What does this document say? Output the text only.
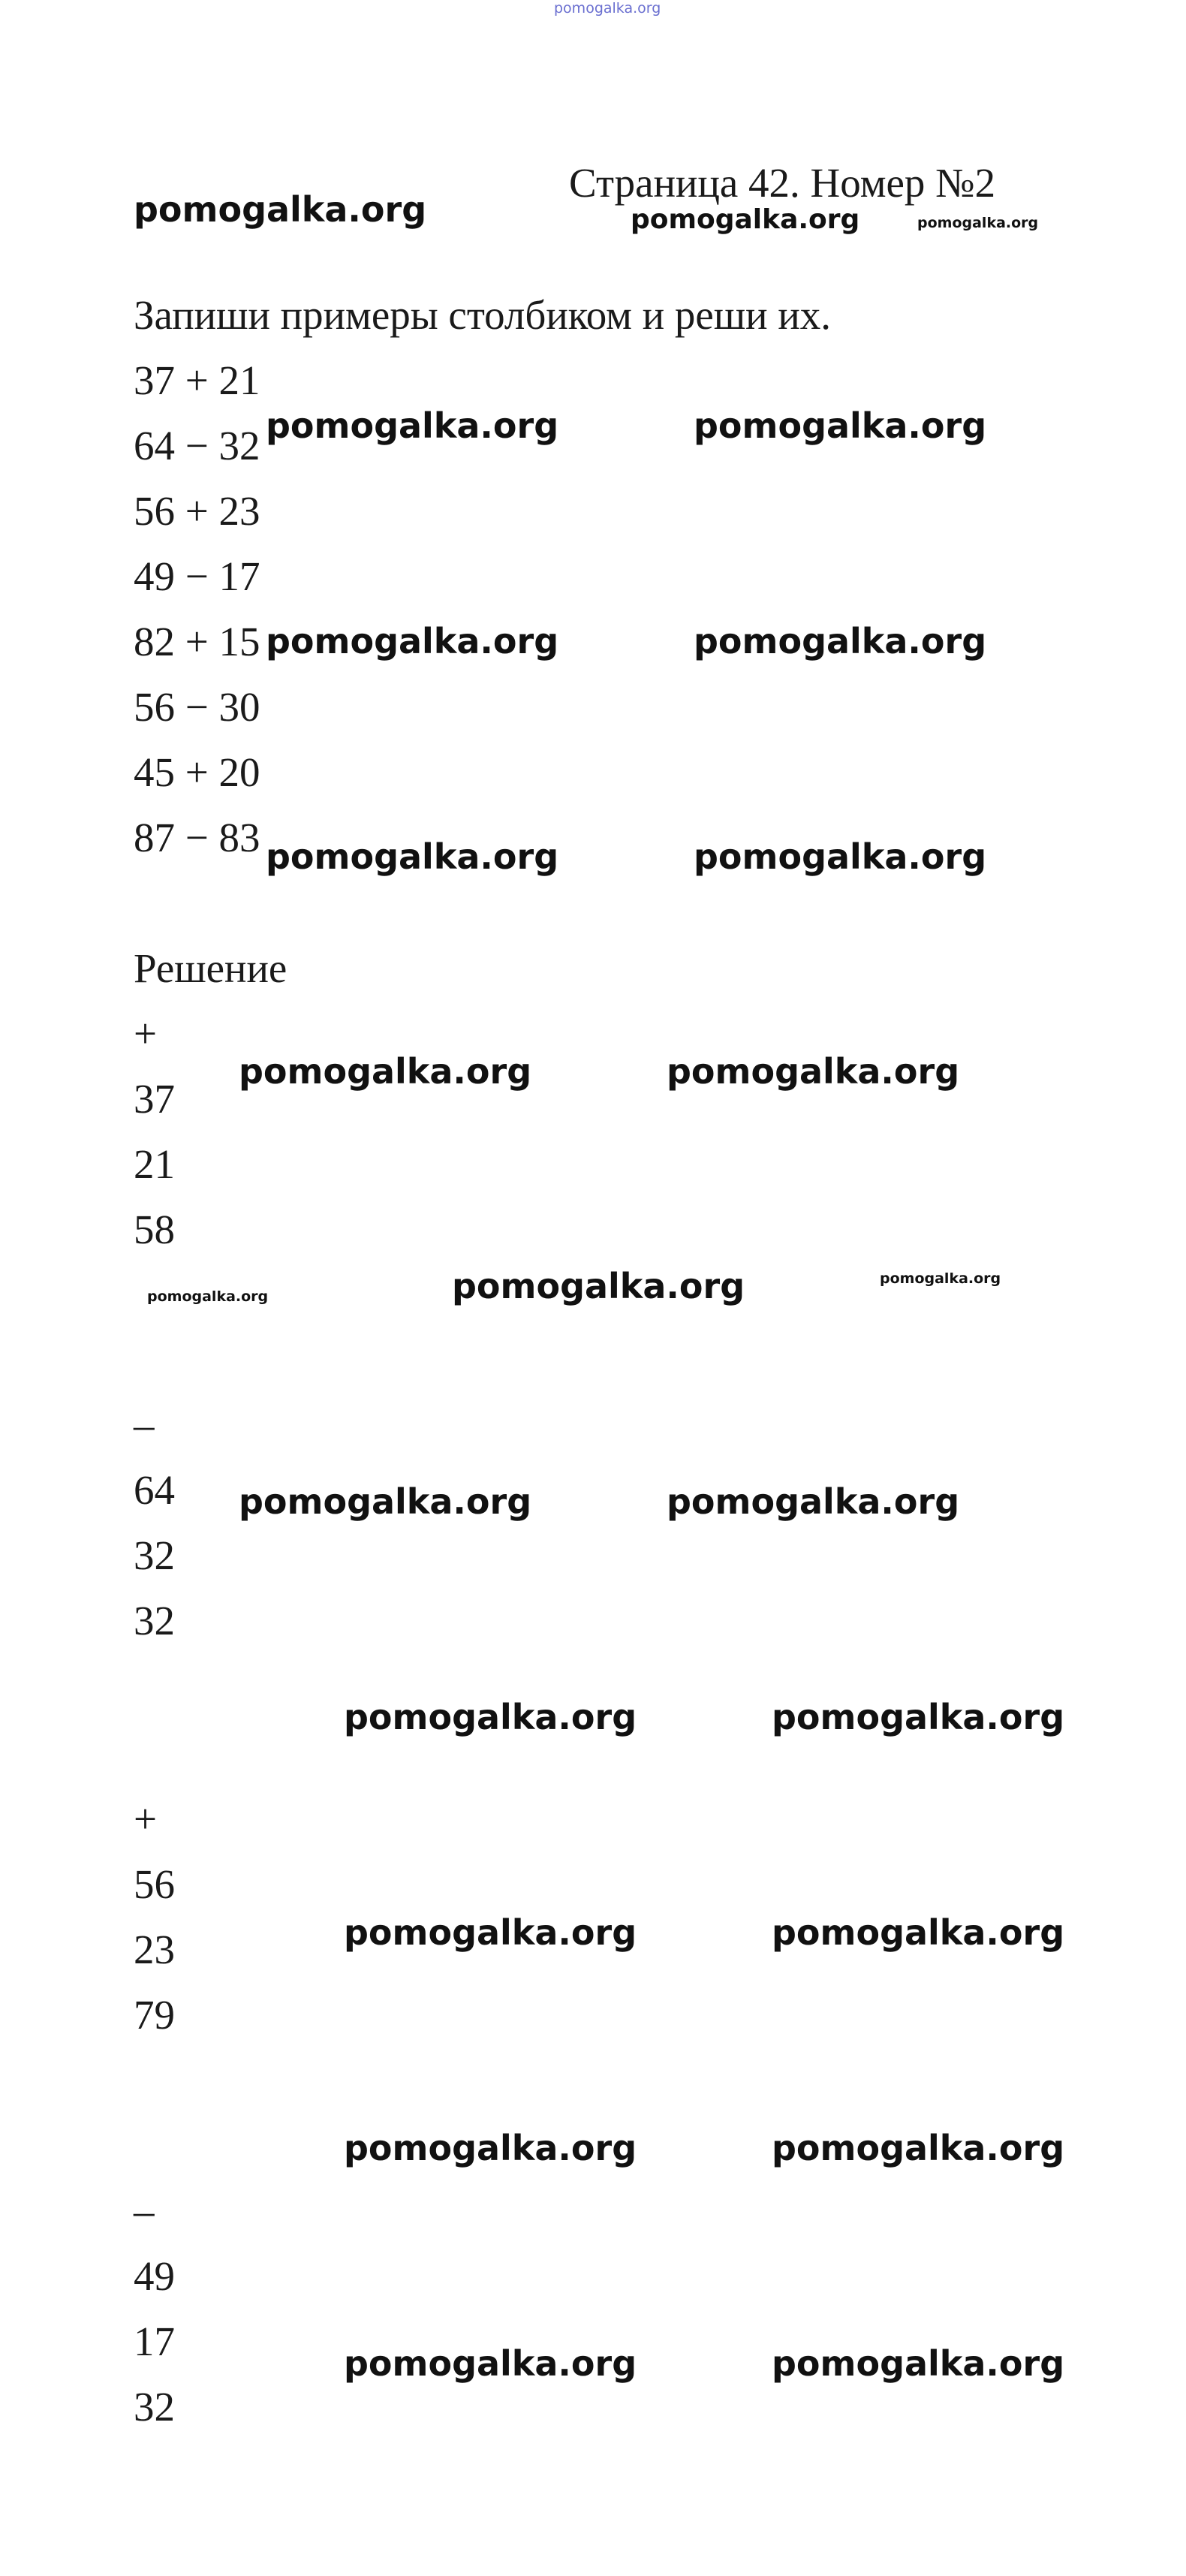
pomogalka.org
Страница 42. Номер №2
pomogalka.org	pomogalka.org	pomogalka.org
Запиши примеры столбиком и реши их.
37 + 21
64 − 32
56 + 23
49 − 17
82 + 15
56 − 30
45 + 20
87 − 83
pomogalka.org	pomogalka.org
pomogalka.org	pomogalka.org
pomogalka.org	pomogalka.org
Решение
+
37
21
58
pomogalka.org	pomogalka.org
pomogalka.org	pomogalka.org	pomogalka.org
–
64
32
32
pomogalka.org	pomogalka.org
pomogalka.org	pomogalka.org
+
56
23
79
pomogalka.org	pomogalka.org
pomogalka.org	pomogalka.org
–
49
17
32
pomogalka.org	pomogalka.org
